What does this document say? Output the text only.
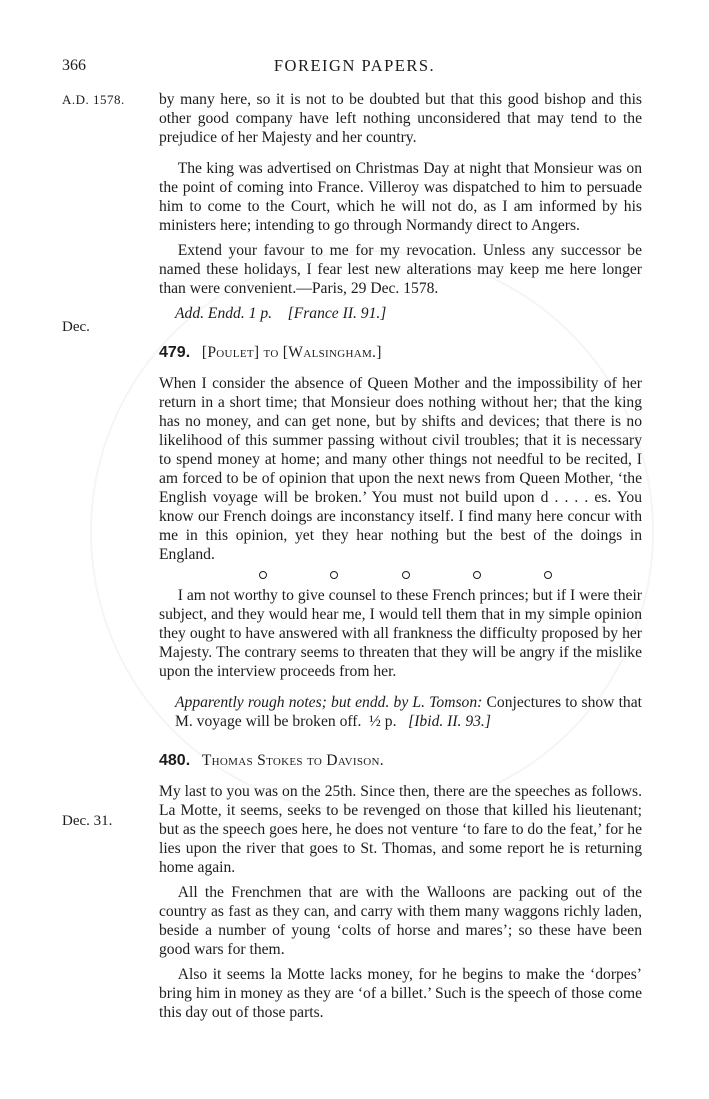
366	FOREIGN PAPERS.
A.D. 1578.
Dec.
Dec. 31.

by many here, so it is not to be doubted but that this good bishop and this other good company have left nothing unconsidered that may tend to the prejudice of her Majesty and her country.

The king was advertised on Christmas Day at night that Monsieur was on the point of coming into France. Villeroy was dispatched to him to persuade him to come to the Court, which he will not do, as I am informed by his ministers here; intending to go through Normandy direct to Angers.

Extend your favour to me for my revocation. Unless any successor be named these holidays, I fear lest new alterations may keep me here longer than were convenient.—Paris, 29 Dec. 1578.

Add. Endd. 1 p. [France II. 91.]

479. [Poulet] to [Walsingham.]

When I consider the absence of Queen Mother and the impossibility of her return in a short time; that Monsieur does nothing without her; that the king has no money, and can get none, but by shifts and devices; that there is no likelihood of this summer passing without civil troubles; that it is necessary to spend money at home; and many other things not needful to be recited, I am forced to be of opinion that upon the next news from Queen Mother, ‘the English voyage will be broken.’ You must not build upon d . . . . es. You know our French doings are inconstancy itself. I find many here concur with me in this opinion, yet they hear nothing but the best of the doings in England.

I am not worthy to give counsel to these French princes; but if I were their subject, and they would hear me, I would tell them that in my simple opinion they ought to have answered with all frankness the difficulty proposed by her Majesty. The contrary seems to threaten that they will be angry if the mislike upon the interview proceeds from her.

Apparently rough notes; but endd. by L. Tomson: Conjectures to show that M. voyage will be broken off. ½ p. [Ibid. II. 93.]

480. Thomas Stokes to Davison.

My last to you was on the 25th. Since then, there are the speeches as follows. La Motte, it seems, seeks to be revenged on those that killed his lieutenant; but as the speech goes here, he does not venture ‘to fare to do the feat,’ for he lies upon the river that goes to St. Thomas, and some report he is returning home again.

All the Frenchmen that are with the Walloons are packing out of the country as fast as they can, and carry with them many waggons richly laden, beside a number of young ‘colts of horse and mares’; so these have been good wars for them.

Also it seems la Motte lacks money, for he begins to make the ‘dorpes’ bring him in money as they are ‘of a billet.’ Such is the speech of those come this day out of those parts.
